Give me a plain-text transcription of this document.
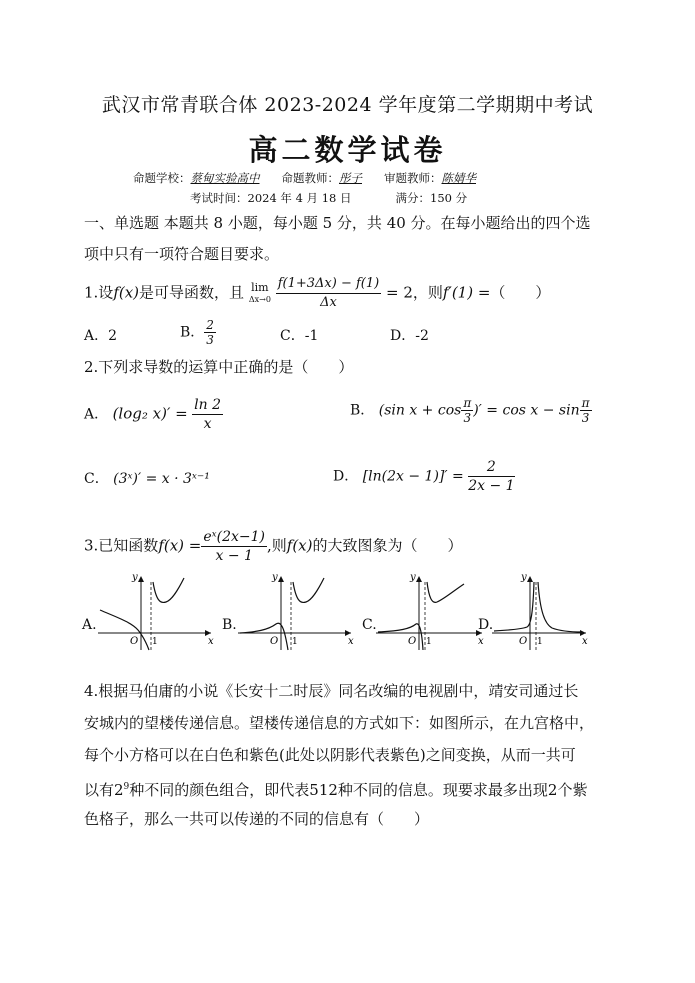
武汉市常青联合体 2023-2024 学年度第二学期期中考试
高二数学试卷
命题学校：蔡甸实验高中 命题教师：彤子 审题教师：陈婧华
考试时间：2024 年 4 月 18 日	满分：150 分
一、单选题 本题共 8 小题，每小题 5 分，共 40 分。在每小题给出的四个选
项中只有一项符合题目要求。
1.设f(x)是可导函数，且 lim
Δx→0
$\frac{f(1+3\Delta x) - f(1)}{\Delta x} = 2$，则f′(1) =（　　）
A．2	B． $\frac{2}{3}$	C．-1	D．-2
2.下列求导数的运算中正确的是（　　）
A． (log₂ $x)' = \frac{\ln 2}{x}$	B． (sin $x + \cos \frac{\pi}{3}$ )′ = $\cos x - \sin \frac{\pi}{3}$
C． (3ˣ)′ = x · 3ˣ⁻¹	D． $[\ln(2x - 1)]' = \frac{2}{2x - 1}$
3.已知函数$f(x) = \frac{\text{eˣ(2x−1)}}{x - 1}$ ,则f(x)的大致图象为（　　）
A.
y
x
O 1
B.
y
x
O 1
C.
y
x
O 1
D.
y
x
O 1
4.根据马伯庸的小说《长安十二时辰》同名改编的电视剧中，靖安司通过长
安城内的望楼传递信息。望楼传递信息的方式如下：如图所示，在九宫格中，
每个小方格可以在白色和紫色(此处以阴影代表紫色)之间变换，从而一共可
以有$2^9$种不同的颜色组合，即代表512种不同的信息。现要求最多出现2个紫
色格子，那么一共可以传递的不同的信息有（　　）
